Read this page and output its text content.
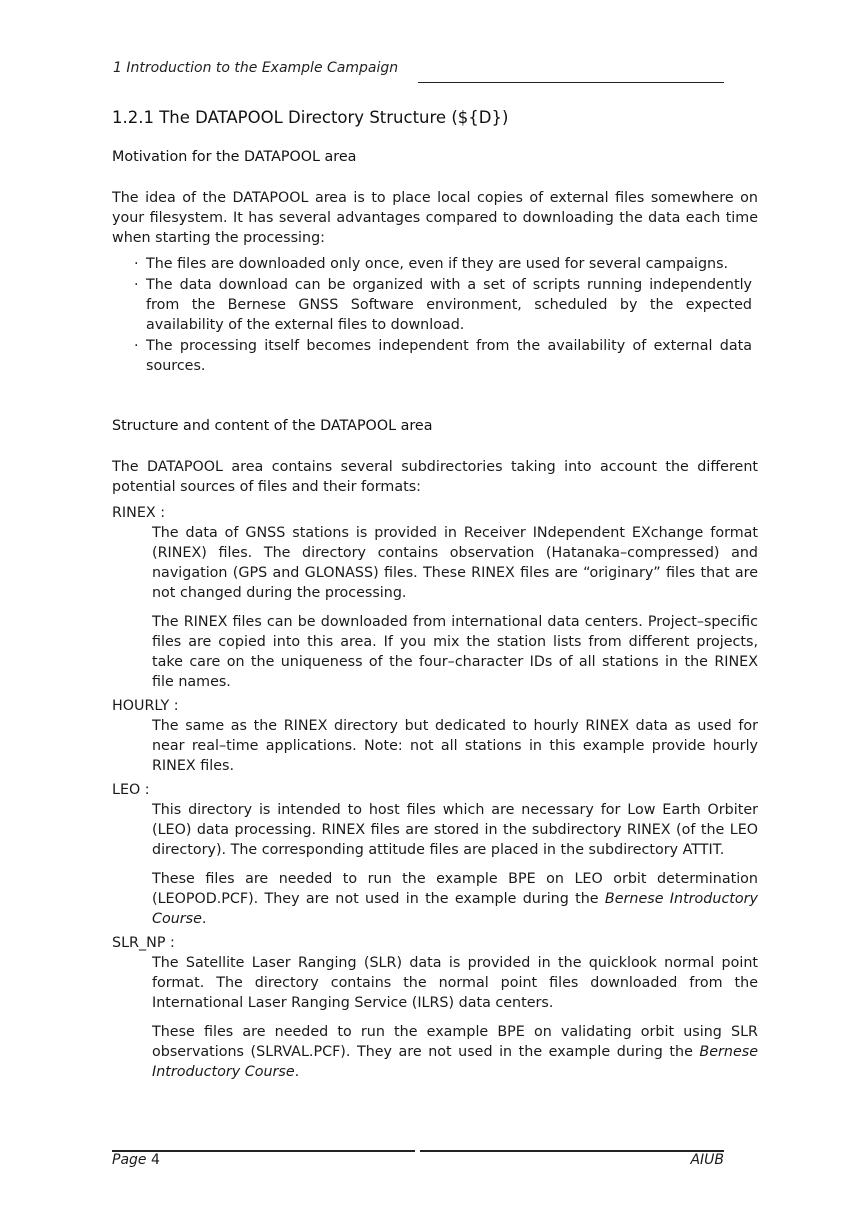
1 Introduction to the Example Campaign
1.2.1 The DATAPOOL Directory Structure (${D})
Motivation for the DATAPOOL area

The idea of the DATAPOOL area is to place local copies of external files somewhere on your filesystem. It has several advantages compared to downloading the data each time when starting the processing:

· The files are downloaded only once, even if they are used for several campaigns.
· The data download can be organized with a set of scripts running independently from the Bernese GNSS Software environment, scheduled by the expected availability of the external files to download.
· The processing itself becomes independent from the availability of external data sources.
Structure and content of the DATAPOOL area

The DATAPOOL area contains several subdirectories taking into account the different potential sources of files and their formats:

RINEX :

The data of GNSS stations is provided in Receiver INdependent EXchange format (RINEX) files. The directory contains observation (Hatanaka–compressed) and navigation (GPS and GLONASS) files. These RINEX files are “originary” files that are not changed during the processing.

The RINEX files can be downloaded from international data centers. Project–specific files are copied into this area. If you mix the station lists from different projects, take care on the uniqueness of the four–character IDs of all stations in the RINEX file names.

HOURLY :

The same as the RINEX directory but dedicated to hourly RINEX data as used for near real–time applications. Note: not all stations in this example provide hourly RINEX files.

LEO :

This directory is intended to host files which are necessary for Low Earth Orbiter (LEO) data processing. RINEX files are stored in the subdirectory RINEX (of the LEO directory). The corresponding attitude files are placed in the subdirectory ATTIT.

These files are needed to run the example BPE on LEO orbit determination (LEOPOD.PCF). They are not used in the example during the Bernese Introductory Course.

SLR_NP :

The Satellite Laser Ranging (SLR) data is provided in the quicklook normal point format. The directory contains the normal point files downloaded from the International Laser Ranging Service (ILRS) data centers.

These files are needed to run the example BPE on validating orbit using SLR observations (SLRVAL.PCF). They are not used in the example during the Bernese Introductory Course.

Page 4	AIUB
